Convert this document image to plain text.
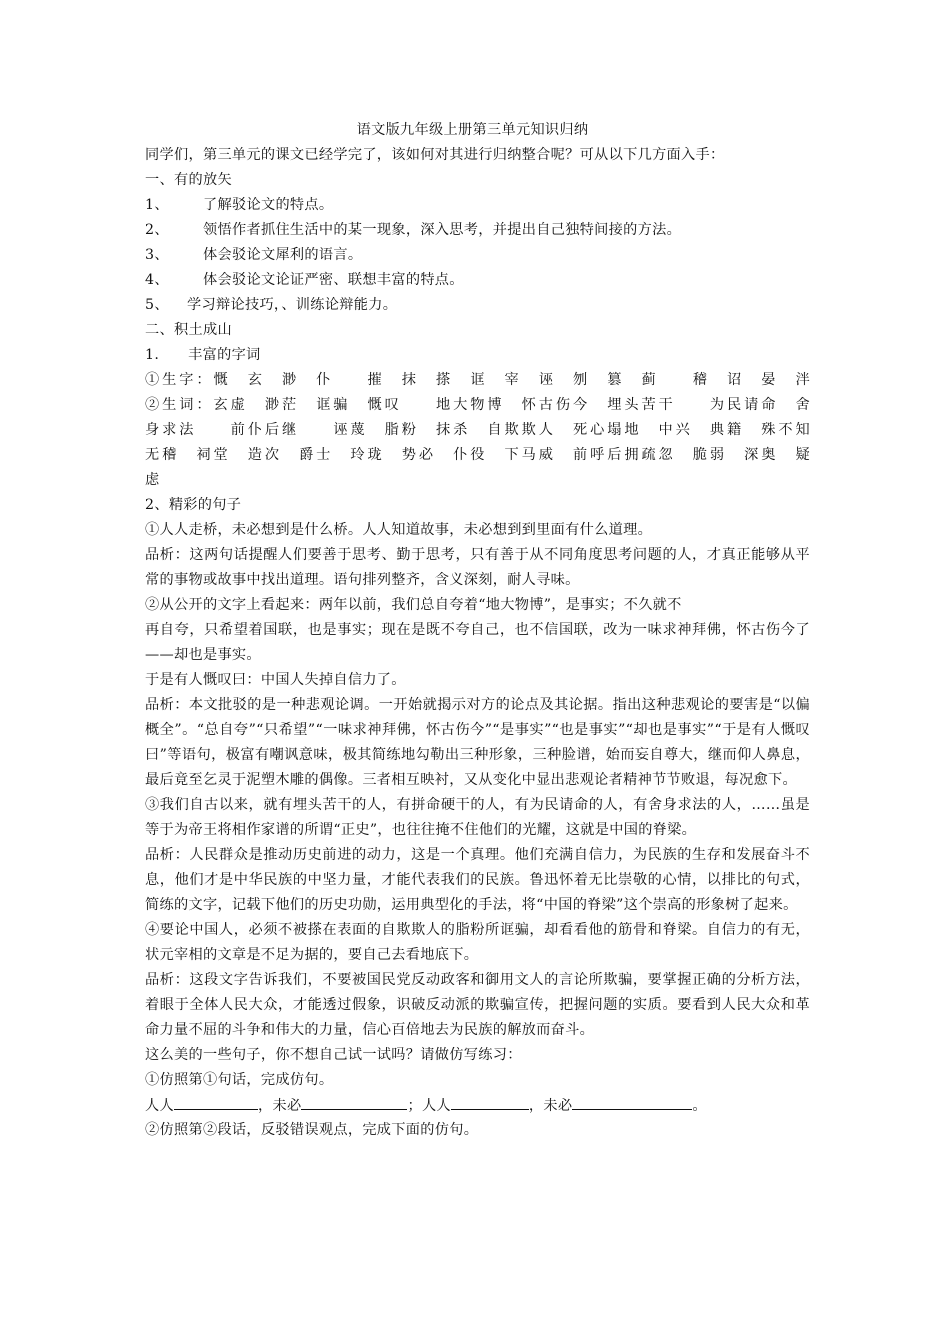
语文版九年级上册第三单元知识归纳
同学们，第三单元的课文已经学完了，该如何对其进行归纳整合呢？可从以下几方面入手：
一、有的放矢
1、 了解驳论文的特点。
2、 领悟作者抓住生活中的某一现象，深入思考，并提出自己独特间接的方法。
3、 体会驳论文犀利的语言。
4、 体会驳论文论证严密、联想丰富的特点。
5、 学习辩论技巧，、训练论辩能力。
二、积土成山
1.　　丰富的字词
①生字：慨　玄　渺　仆　　摧　抹　搽　诓　宰　诬　刎　篡　蓟　　稽　诏　晏　泮
②生词：玄虚　渺茫　诓骗　慨叹　　地大物博　怀古伤今　埋头苦干　　为民请命　舍
身求法　　前仆后继　　诬蔑　脂粉　抹杀　自欺欺人　死心塌地　中兴　典籍　殊不知
无稽　祠堂　造次　爵士　玲珑　势必　仆役　下马威　前呼后拥疏忽　脆弱　深奥　疑
虑
2、精彩的句子
①人人走桥，未必想到是什么桥。人人知道故事，未必想到到里面有什么道理。
品析：这两句话提醒人们要善于思考、勤于思考，只有善于从不同角度思考问题的人，才真正能够从平常的事物或故事中找出道理。语句排列整齐，含义深刻，耐人寻味。
②从公开的文字上看起来：两年以前，我们总自夸着“地大物博”，是事实；不久就不
再自夸，只希望着国联，也是事实；现在是既不夸自己，也不信国联，改为一味求神拜佛，怀古伤今了——却也是事实。
于是有人慨叹曰：中国人失掉自信力了。
品析：本文批驳的是一种悲观论调。一开始就揭示对方的论点及其论据。指出这种悲观论的要害是“以偏概全”。“总自夸”“只希望”“一味求神拜佛，怀古伤今”“是事实”“也是事实”“却也是事实”“于是有人慨叹曰”等语句，极富有嘲讽意味，极其简练地勾勒出三种形象，三种脸谱，始而妄自尊大，继而仰人鼻息，最后竟至乞灵于泥塑木雕的偶像。三者相互映衬，又从变化中显出悲观论者精神节节败退，每况愈下。
③我们自古以来，就有埋头苦干的人，有拼命硬干的人，有为民请命的人，有舍身求法的人，……虽是等于为帝王将相作家谱的所谓“正史”，也往往掩不住他们的光耀，这就是中国的脊梁。
品析：人民群众是推动历史前进的动力，这是一个真理。他们充满自信力，为民族的生存和发展奋斗不息，他们才是中华民族的中坚力量，才能代表我们的民族。鲁迅怀着无比崇敬的心情，以排比的句式，简练的文字，记载下他们的历史功勋，运用典型化的手法，将“中国的脊梁”这个崇高的形象树了起来。
④要论中国人，必须不被搽在表面的自欺欺人的脂粉所诓骗，却看看他的筋骨和脊梁。自信力的有无，状元宰相的文章是不足为据的，要自己去看地底下。
品析：这段文字告诉我们，不要被国民党反动政客和御用文人的言论所欺骗，要掌握正确的分析方法，着眼于全体人民大众，才能透过假象，识破反动派的欺骗宣传，把握问题的实质。要看到人民大众和革命力量不屈的斗争和伟大的力量，信心百倍地去为民族的解放而奋斗。
这么美的一些句子，你不想自己试一试吗？请做仿写练习：
①仿照第①句话，完成仿句。
人人	，未必	；人人	，未必	。
②仿照第②段话，反驳错误观点，完成下面的仿句。
